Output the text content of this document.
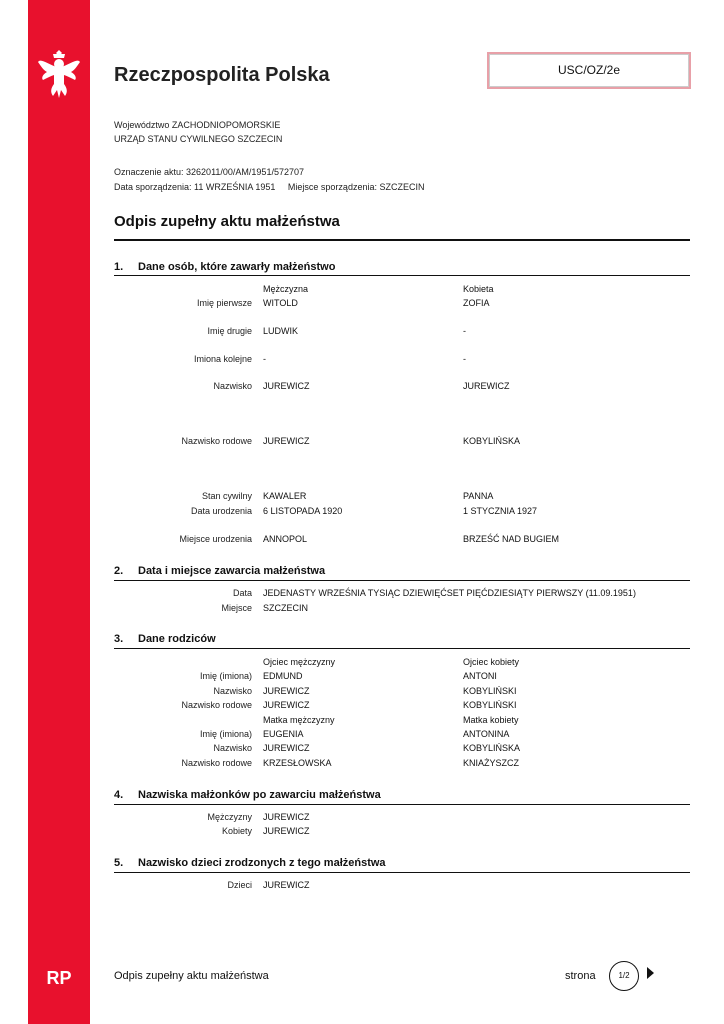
RP
Rzeczpospolita Polska	USC/OZ/2e
Województwo ZACHODNIOPOMORSKIE
URZĄD STANU CYWILNEGO SZCZECIN
Oznaczenie aktu: 3262011/00/AM/1951/572707
Data sporządzenia: 11 WRZEŚNIA 1951     Miejsce sporządzenia: SZCZECIN
Odpis zupełny aktu małżeństwa
1. Dane osób, które zawarły małżeństwo
Mężczyzna	Kobieta
Imię pierwsze WITOLD	ZOFIA
Imię drugie LUDWIK	-
Imiona kolejne -	-
Nazwisko JUREWICZ	JUREWICZ
Nazwisko rodowe JUREWICZ	KOBYLIŃSKA
Stan cywilny KAWALER	PANNA
Data urodzenia 6 LISTOPADA 1920	1 STYCZNIA 1927
Miejsce urodzenia ANNOPOL	BRZEŚĆ NAD BUGIEM
2. Data i miejsce zawarcia małżeństwa
Data JEDENASTY WRZEŚNIA TYSIĄC DZIEWIĘĆSET PIĘĆDZIESIĄTY PIERWSZY (11.09.1951)
Miejsce SZCZECIN
3. Dane rodziców
Ojciec mężczyzny	Ojciec kobiety
Imię (imiona) EDMUND	ANTONI
Nazwisko JUREWICZ	KOBYLIŃSKI
Nazwisko rodowe JUREWICZ	KOBYLIŃSKI
Matka mężczyzny	Matka kobiety
Imię (imiona) EUGENIA	ANTONINA
Nazwisko JUREWICZ	KOBYLIŃSKA
Nazwisko rodowe KRZESŁOWSKA	KNIAŻYSZCZ
4. Nazwiska małżonków po zawarciu małżeństwa
Mężczyzny JUREWICZ
Kobiety JUREWICZ
5. Nazwisko dzieci zrodzonych z tego małżeństwa
Dzieci JUREWICZ
Odpis zupełny aktu małżeństwa	strona	1/2
